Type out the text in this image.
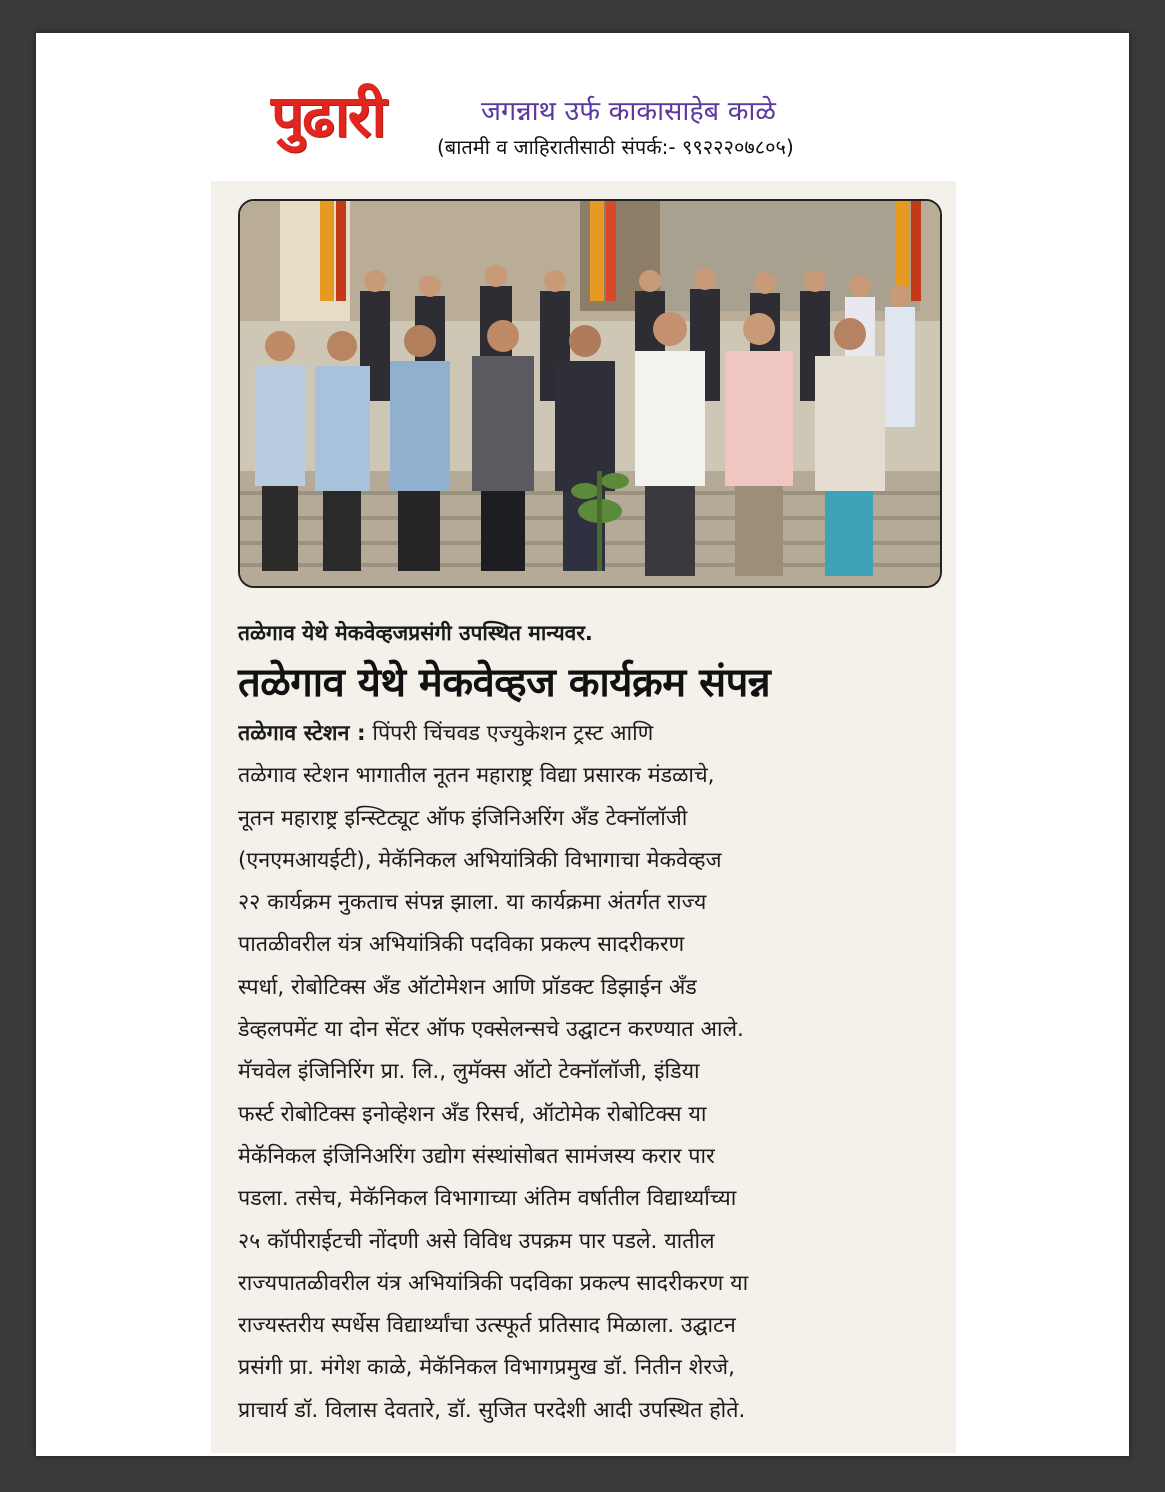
पुढारी	जगन्नाथ उर्फ काकासाहेब काळे
(बातमी व जाहिरातीसाठी संपर्क:- ९९२२२०७८०५)
तळेगाव येथे मेकवेव्हजप्रसंगी उपस्थित मान्यवर.
तळेगाव येथे मेकवेव्हज कार्यक्रम संपन्न
तळेगाव स्टेशन : पिंपरी चिंचवड एज्युकेशन ट्रस्ट आणि
तळेगाव स्टेशन भागातील नूतन महाराष्ट्र विद्या प्रसारक मंडळाचे,
नूतन महाराष्ट्र इन्स्टिट्यूट ऑफ इंजिनिअरिंग अँड टेक्नॉलॉजी
(एनएमआयईटी), मेकॅनिकल अभियांत्रिकी विभागाचा मेकवेव्हज
२२ कार्यक्रम नुकताच संपन्न झाला. या कार्यक्रमा अंतर्गत राज्य
पातळीवरील यंत्र अभियांत्रिकी पदविका प्रकल्प सादरीकरण
स्पर्धा, रोबोटिक्स अँड ऑटोमेशन आणि प्रॉडक्ट डिझाईन अँड
डेव्हलपमेंट या दोन सेंटर ऑफ एक्सेलन्सचे उद्घाटन करण्यात आले.
मॅचवेल इंजिनिरिंग प्रा. लि., लुमॅक्स ऑटो टेक्नॉलॉजी, इंडिया
फर्स्ट रोबोटिक्स इनोव्हेशन अँड रिसर्च, ऑटोमेक रोबोटिक्स या
मेकॅनिकल इंजिनिअरिंग उद्योग संस्थांसोबत सामंजस्य करार पार
पडला. तसेच, मेकॅनिकल विभागाच्या अंतिम वर्षातील विद्यार्थ्यांच्या
२५ कॉपीराईटची नोंदणी असे विविध उपक्रम पार पडले. यातील
राज्यपातळीवरील यंत्र अभियांत्रिकी पदविका प्रकल्प सादरीकरण या
राज्यस्तरीय स्पर्धेस विद्यार्थ्यांचा उत्स्फूर्त प्रतिसाद मिळाला. उद्घाटन
प्रसंगी प्रा. मंगेश काळे, मेकॅनिकल विभागप्रमुख डॉ. नितीन शेरजे,
प्राचार्य डॉ. विलास देवतारे, डॉ. सुजित परदेशी आदी उपस्थित होते.
